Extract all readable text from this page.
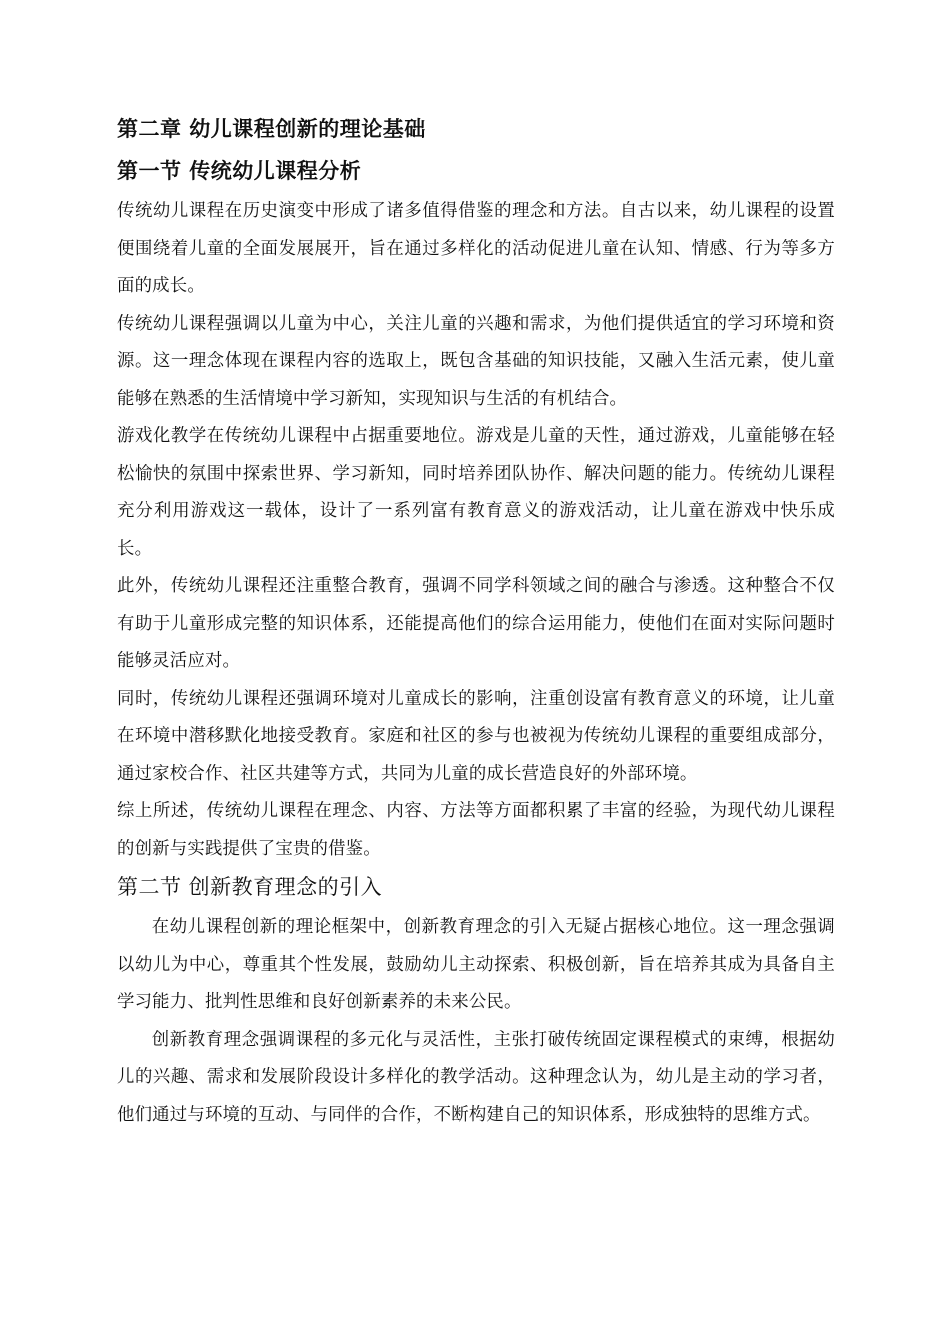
第二章 幼儿课程创新的理论基础
第一节 传统幼儿课程分析

传统幼儿课程在历史演变中形成了诸多值得借鉴的理念和方法。自古以来，幼儿课程的设置便围绕着儿童的全面发展展开，旨在通过多样化的活动促进儿童在认知、情感、行为等多方面的成长。

传统幼儿课程强调以儿童为中心，关注儿童的兴趣和需求，为他们提供适宜的学习环境和资源。这一理念体现在课程内容的选取上，既包含基础的知识技能，又融入生活元素，使儿童能够在熟悉的生活情境中学习新知，实现知识与生活的有机结合。

游戏化教学在传统幼儿课程中占据重要地位。游戏是儿童的天性，通过游戏，儿童能够在轻松愉快的氛围中探索世界、学习新知，同时培养团队协作、解决问题的能力。传统幼儿课程充分利用游戏这一载体，设计了一系列富有教育意义的游戏活动，让儿童在游戏中快乐成长。

此外，传统幼儿课程还注重整合教育，强调不同学科领域之间的融合与渗透。这种整合不仅有助于儿童形成完整的知识体系，还能提高他们的综合运用能力，使他们在面对实际问题时能够灵活应对。

同时，传统幼儿课程还强调环境对儿童成长的影响，注重创设富有教育意义的环境，让儿童在环境中潜移默化地接受教育。家庭和社区的参与也被视为传统幼儿课程的重要组成部分，通过家校合作、社区共建等方式，共同为儿童的成长营造良好的外部环境。

综上所述，传统幼儿课程在理念、内容、方法等方面都积累了丰富的经验，为现代幼儿课程的创新与实践提供了宝贵的借鉴。

第二节 创新教育理念的引入

在幼儿课程创新的理论框架中，创新教育理念的引入无疑占据核心地位。这一理念强调以幼儿为中心，尊重其个性发展，鼓励幼儿主动探索、积极创新，旨在培养其成为具备自主学习能力、批判性思维和良好创新素养的未来公民。

创新教育理念强调课程的多元化与灵活性，主张打破传统固定课程模式的束缚，根据幼儿的兴趣、需求和发展阶段设计多样化的教学活动。这种理念认为，幼儿是主动的学习者，他们通过与环境的互动、与同伴的合作，不断构建自己的知识体系，形成独特的思维方式。
